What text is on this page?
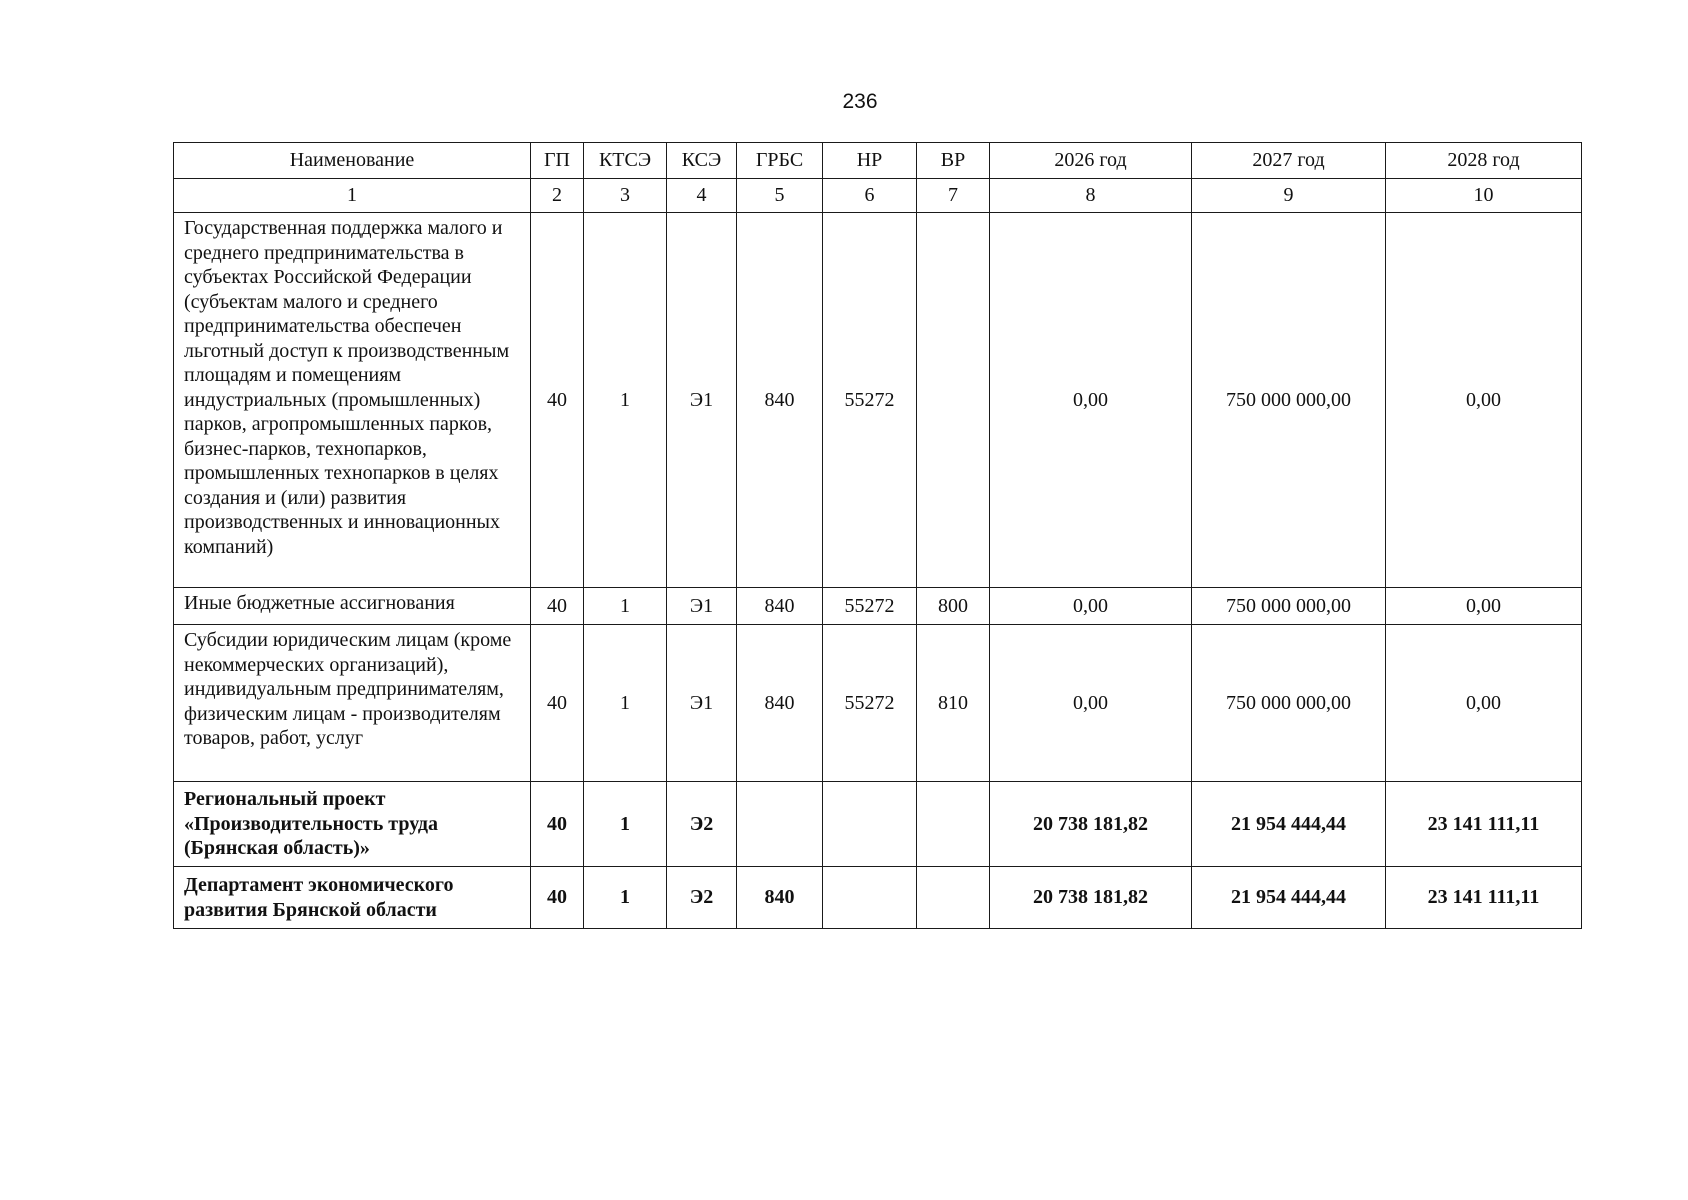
236
Наименование	ГП	КТСЭ	КСЭ	ГРБС	НР	ВР	2026 год	2027 год	2028 год
1	2	3	4	5	6	7	8	9	10
Государственная поддержка малого и среднего предпринимательства в субъектах Российской Федерации (субъектам малого и среднего предпринимательства обеспечен льготный доступ к производственным площадям и помещениям индустриальных (промышленных) парков, агропромышленных парков, бизнес-парков, технопарков, промышленных технопарков в целях создания и (или) развития производственных и инновационных компаний)	40	1	Э1	840	55272		0,00	750 000 000,00	0,00
Иные бюджетные ассигнования	40	1	Э1	840	55272	800	0,00	750 000 000,00	0,00
Субсидии юридическим лицам (кроме некоммерческих организаций), индивидуальным предпринимателям, физическим лицам - производителям товаров, работ, услуг	40	1	Э1	840	55272	810	0,00	750 000 000,00	0,00
Региональный проект «Производительность труда (Брянская область)»	40	1	Э2				20 738 181,82	21 954 444,44	23 141 111,11
Департамент экономического развития Брянской области	40	1	Э2	840			20 738 181,82	21 954 444,44	23 141 111,11
